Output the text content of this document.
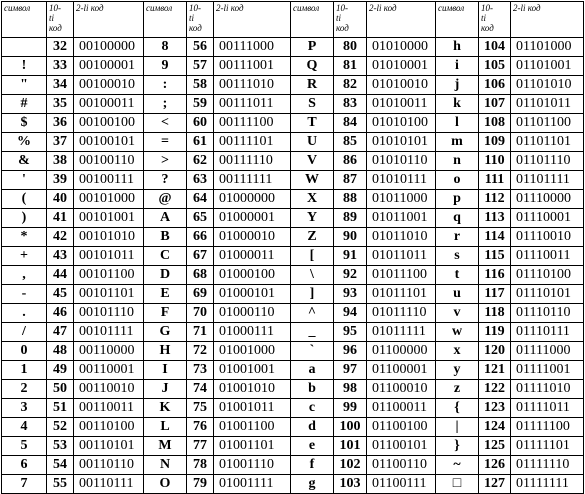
символ	10-
ti
код	2-li код	символ	10-
ti
код	2-li код	символ	10-
ti
код	2-li код	символ	10-
ti
код	2-li код
	32	00100000	8	56	00111000	P	80	01010000	h	104	01101000
!	33	00100001	9	57	00111001	Q	81	01010001	i	105	01101001
"	34	00100010	:	58	00111010	R	82	01010010	j	106	01101010
#	35	00100011	;	59	00111011	S	83	01010011	k	107	01101011
$	36	00100100	<	60	00111100	T	84	01010100	l	108	01101100
%	37	00100101	=	61	00111101	U	85	01010101	m	109	01101101
&	38	00100110	>	62	00111110	V	86	01010110	n	110	01101110
'	39	00100111	?	63	00111111	W	87	01010111	o	111	01101111
(	40	00101000	@	64	01000000	X	88	01011000	p	112	01110000
)	41	00101001	A	65	01000001	Y	89	01011001	q	113	01110001
*	42	00101010	B	66	01000010	Z	90	01011010	r	114	01110010
+	43	00101011	C	67	01000011	[	91	01011011	s	115	01110011
,	44	00101100	D	68	01000100	\	92	01011100	t	116	01110100
-	45	00101101	E	69	01000101	]	93	01011101	u	117	01110101
.	46	00101110	F	70	01000110	^	94	01011110	v	118	01110110
/	47	00101111	G	71	01000111	_	95	01011111	w	119	01110111
0	48	00110000	H	72	01001000	`	96	01100000	x	120	01111000
1	49	00110001	I	73	01001001	a	97	01100001	y	121	01111001
2	50	00110010	J	74	01001010	b	98	01100010	z	122	01111010
3	51	00110011	K	75	01001011	c	99	01100011	{	123	01111011
4	52	00110100	L	76	01001100	d	100	01100100	|	124	01111100
5	53	00110101	M	77	01001101	e	101	01100101	}	125	01111101
6	54	00110110	N	78	01001110	f	102	01100110	~	126	01111110
7	55	00110111	O	79	01001111	g	103	01100111	□	127	01111111
